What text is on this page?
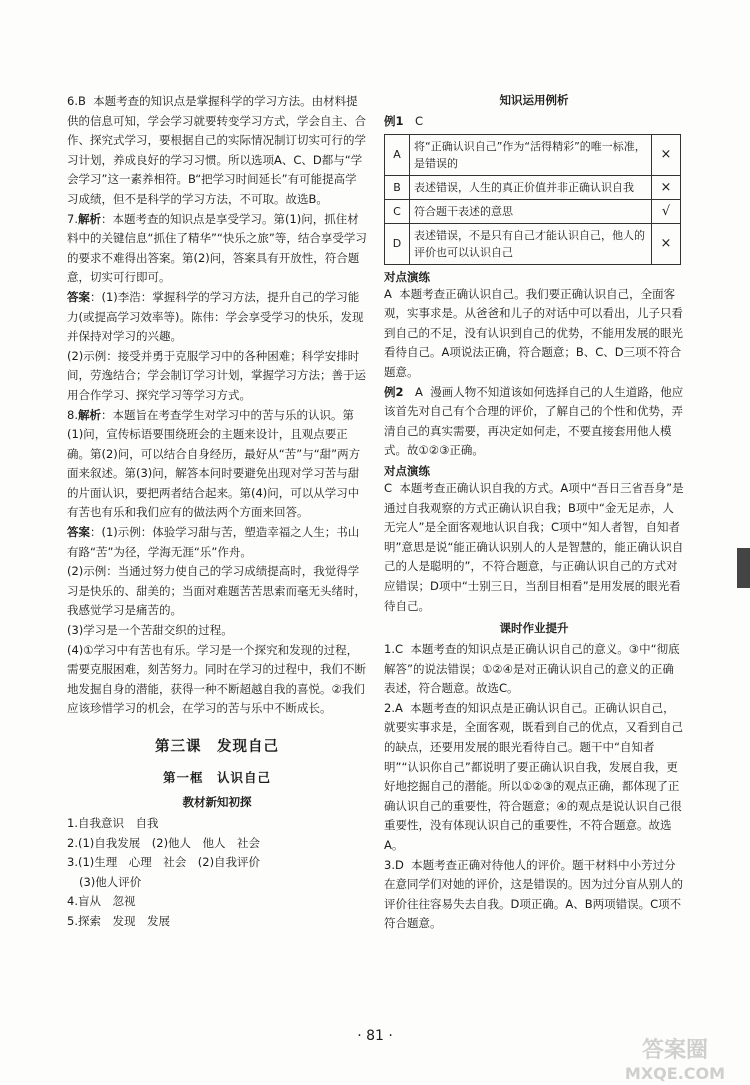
6.B  本题考查的知识点是掌握科学的学习方法。由材料提供的信息可知，学会学习就要转变学习方式，学会自主、合作、探究式学习，要根据自己的实际情况制订切实可行的学习计划，养成良好的学习习惯。所以选项A、C、D都与“学会学习”这一素养相符。B“把学习时间延长”有可能提高学习成绩，但不是科学的学习方法，不可取。故选B。

7.解析：本题考查的知识点是享受学习。第(1)问，抓住材料中的关键信息“抓住了精华”“快乐之旅”等，结合享受学习的要求不难得出答案。第(2)问，答案具有开放性，符合题意，切实可行即可。

答案：(1)李浩：掌握科学的学习方法，提升自己的学习能力(或提高学习效率等)。陈伟：学会享受学习的快乐，发现并保持对学习的兴趣。

(2)示例：接受并勇于克服学习中的各种困难；科学安排时间，劳逸结合；学会制订学习计划，掌握学习方法；善于运用合作学习、探究学习等学习方式。

8.解析：本题旨在考查学生对学习中的苦与乐的认识。第(1)问，宣传标语要围绕班会的主题来设计，且观点要正确。第(2)问，可以结合自身经历，最好从“苦”与“甜”两方面来叙述。第(3)问，解答本问时要避免出现对学习苦与甜的片面认识，要把两者结合起来。第(4)问，可以从学习中有苦也有乐和我们应有的做法两个方面来回答。

答案：(1)示例：体验学习甜与苦，塑造幸福之人生；书山有路“苦”为径，学海无涯“乐”作舟。

(2)示例：当通过努力使自己的学习成绩提高时，我觉得学习是快乐的、甜美的；当面对难题苦苦思索而毫无头绪时，我感觉学习是痛苦的。

(3)学习是一个苦甜交织的过程。

(4)①学习中有苦也有乐。学习是一个探究和发现的过程，需要克服困难，刻苦努力。同时在学习的过程中，我们不断地发掘自身的潜能，获得一种不断超越自我的喜悦。②我们应该珍惜学习的机会，在学习的苦与乐中不断成长。

第三课　发现自己
第一框　认识自己
教材新知初探

1.自我意识　自我

2.(1)自我发展　(2)他人　他人　社会

3.(1)生理　心理　社会　(2)自我评价

(3)他人评价

4.盲从　忽视

5.探索　发现　发展

知识运用例析

例1　 C

A	将“正确认识自己”作为“活得精彩”的唯一标准，是错误的	×
B	表述错误，人生的真正价值并非正确认识自我	×
C	符合题干表述的意思	√
D	表述错误，不是只有自己才能认识自己，他人的评价也可以认识自己	×
对点演练

A  本题考查正确认识自己。我们要正确认识自己，全面客观，实事求是。从爸爸和儿子的对话中可以看出，儿子只看到自己的不足，没有认识到自己的优势，不能用发展的眼光看待自己。A项说法正确，符合题意；B、C、D三项不符合题意。

例2　 A  漫画人物不知道该如何选择自己的人生道路，他应该首先对自己有个合理的评价，了解自己的个性和优势，弄清自己的真实需要，再决定如何走，不要直接套用他人模式。故①②③正确。

对点演练

C  本题考查正确认识自我的方式。A项中“吾日三省吾身”是通过自我观察的方式正确认识自我；B项中“金无足赤，人无完人”是全面客观地认识自我；C项中“知人者智，自知者明”意思是说“能正确认识别人的人是智慧的，能正确认识自己的人是聪明的”，不符合题意，与正确认识自己的方式对应错误；D项中“士别三日，当刮目相看”是用发展的眼光看待自己。

课时作业提升

1.C  本题考查的知识点是正确认识自己的意义。③中“彻底解答”的说法错误；①②④是对正确认识自己的意义的正确表述，符合题意。故选C。

2.A  本题考查的知识点是正确认识自己。正确认识自己，就要实事求是，全面客观，既看到自己的优点，又看到自己的缺点，还要用发展的眼光看待自己。题干中“自知者明”“认识你自己”都说明了要正确认识自我，发展自我，更好地挖掘自己的潜能。所以①②③的观点正确，都体现了正确认识自己的重要性，符合题意；④的观点是说认识自己很重要性，没有体现认识自己的重要性，不符合题意。故选A。

3.D  本题考查正确对待他人的评价。题干材料中小芳过分在意同学们对她的评价，这是错误的。因为过分盲从别人的评价往往容易失去自我。D项正确。A、B两项错误。C项不符合题意。

· 81 ·
答案圈
MXQE.COM
